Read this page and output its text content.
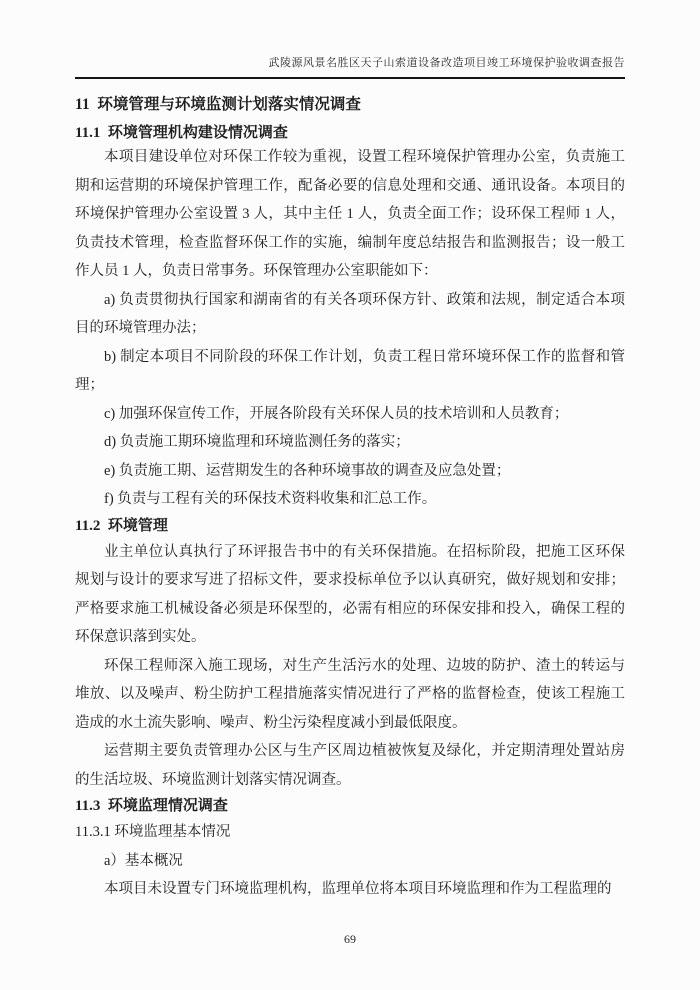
武陵源风景名胜区天子山索道设备改造项目竣工环境保护验收调查报告
11  环境管理与环境监测计划落实情况调查
11.1  环境管理机构建设情况调查

本项目建设单位对环保工作较为重视，设置工程环境保护管理办公室，负责施工期和运营期的环境保护管理工作，配备必要的信息处理和交通、通讯设备。本项目的环境保护管理办公室设置 3 人，其中主任 1 人，负责全面工作；设环保工程师 1 人，负责技术管理，检查监督环保工作的实施，编制年度总结报告和监测报告；设一般工作人员 1 人，负责日常事务。环保管理办公室职能如下：

a) 负责贯彻执行国家和湖南省的有关各项环保方针、政策和法规，制定适合本项目的环境管理办法；

b) 制定本项目不同阶段的环保工作计划，负责工程日常环境环保工作的监督和管理；

c) 加强环保宣传工作，开展各阶段有关环保人员的技术培训和人员教育；

d) 负责施工期环境监理和环境监测任务的落实；

e) 负责施工期、运营期发生的各种环境事故的调查及应急处置；

f) 负责与工程有关的环保技术资料收集和汇总工作。

11.2  环境管理

业主单位认真执行了环评报告书中的有关环保措施。在招标阶段，把施工区环保规划与设计的要求写进了招标文件，要求投标单位予以认真研究，做好规划和安排；严格要求施工机械设备必须是环保型的，必需有相应的环保安排和投入，确保工程的环保意识落到实处。

环保工程师深入施工现场，对生产生活污水的处理、边坡的防护、渣土的转运与堆放、以及噪声、粉尘防护工程措施落实情况进行了严格的监督检查，使该工程施工造成的水土流失影响、噪声、粉尘污染程度减小到最低限度。

运营期主要负责管理办公区与生产区周边植被恢复及绿化，并定期清理处置站房的生活垃圾、环境监测计划落实情况调查。

11.3  环境监理情况调查
11.3.1 环境监理基本情况

a）基本概况

本项目未设置专门环境监理机构，监理单位将本项目环境监理和作为工程监理的

69
